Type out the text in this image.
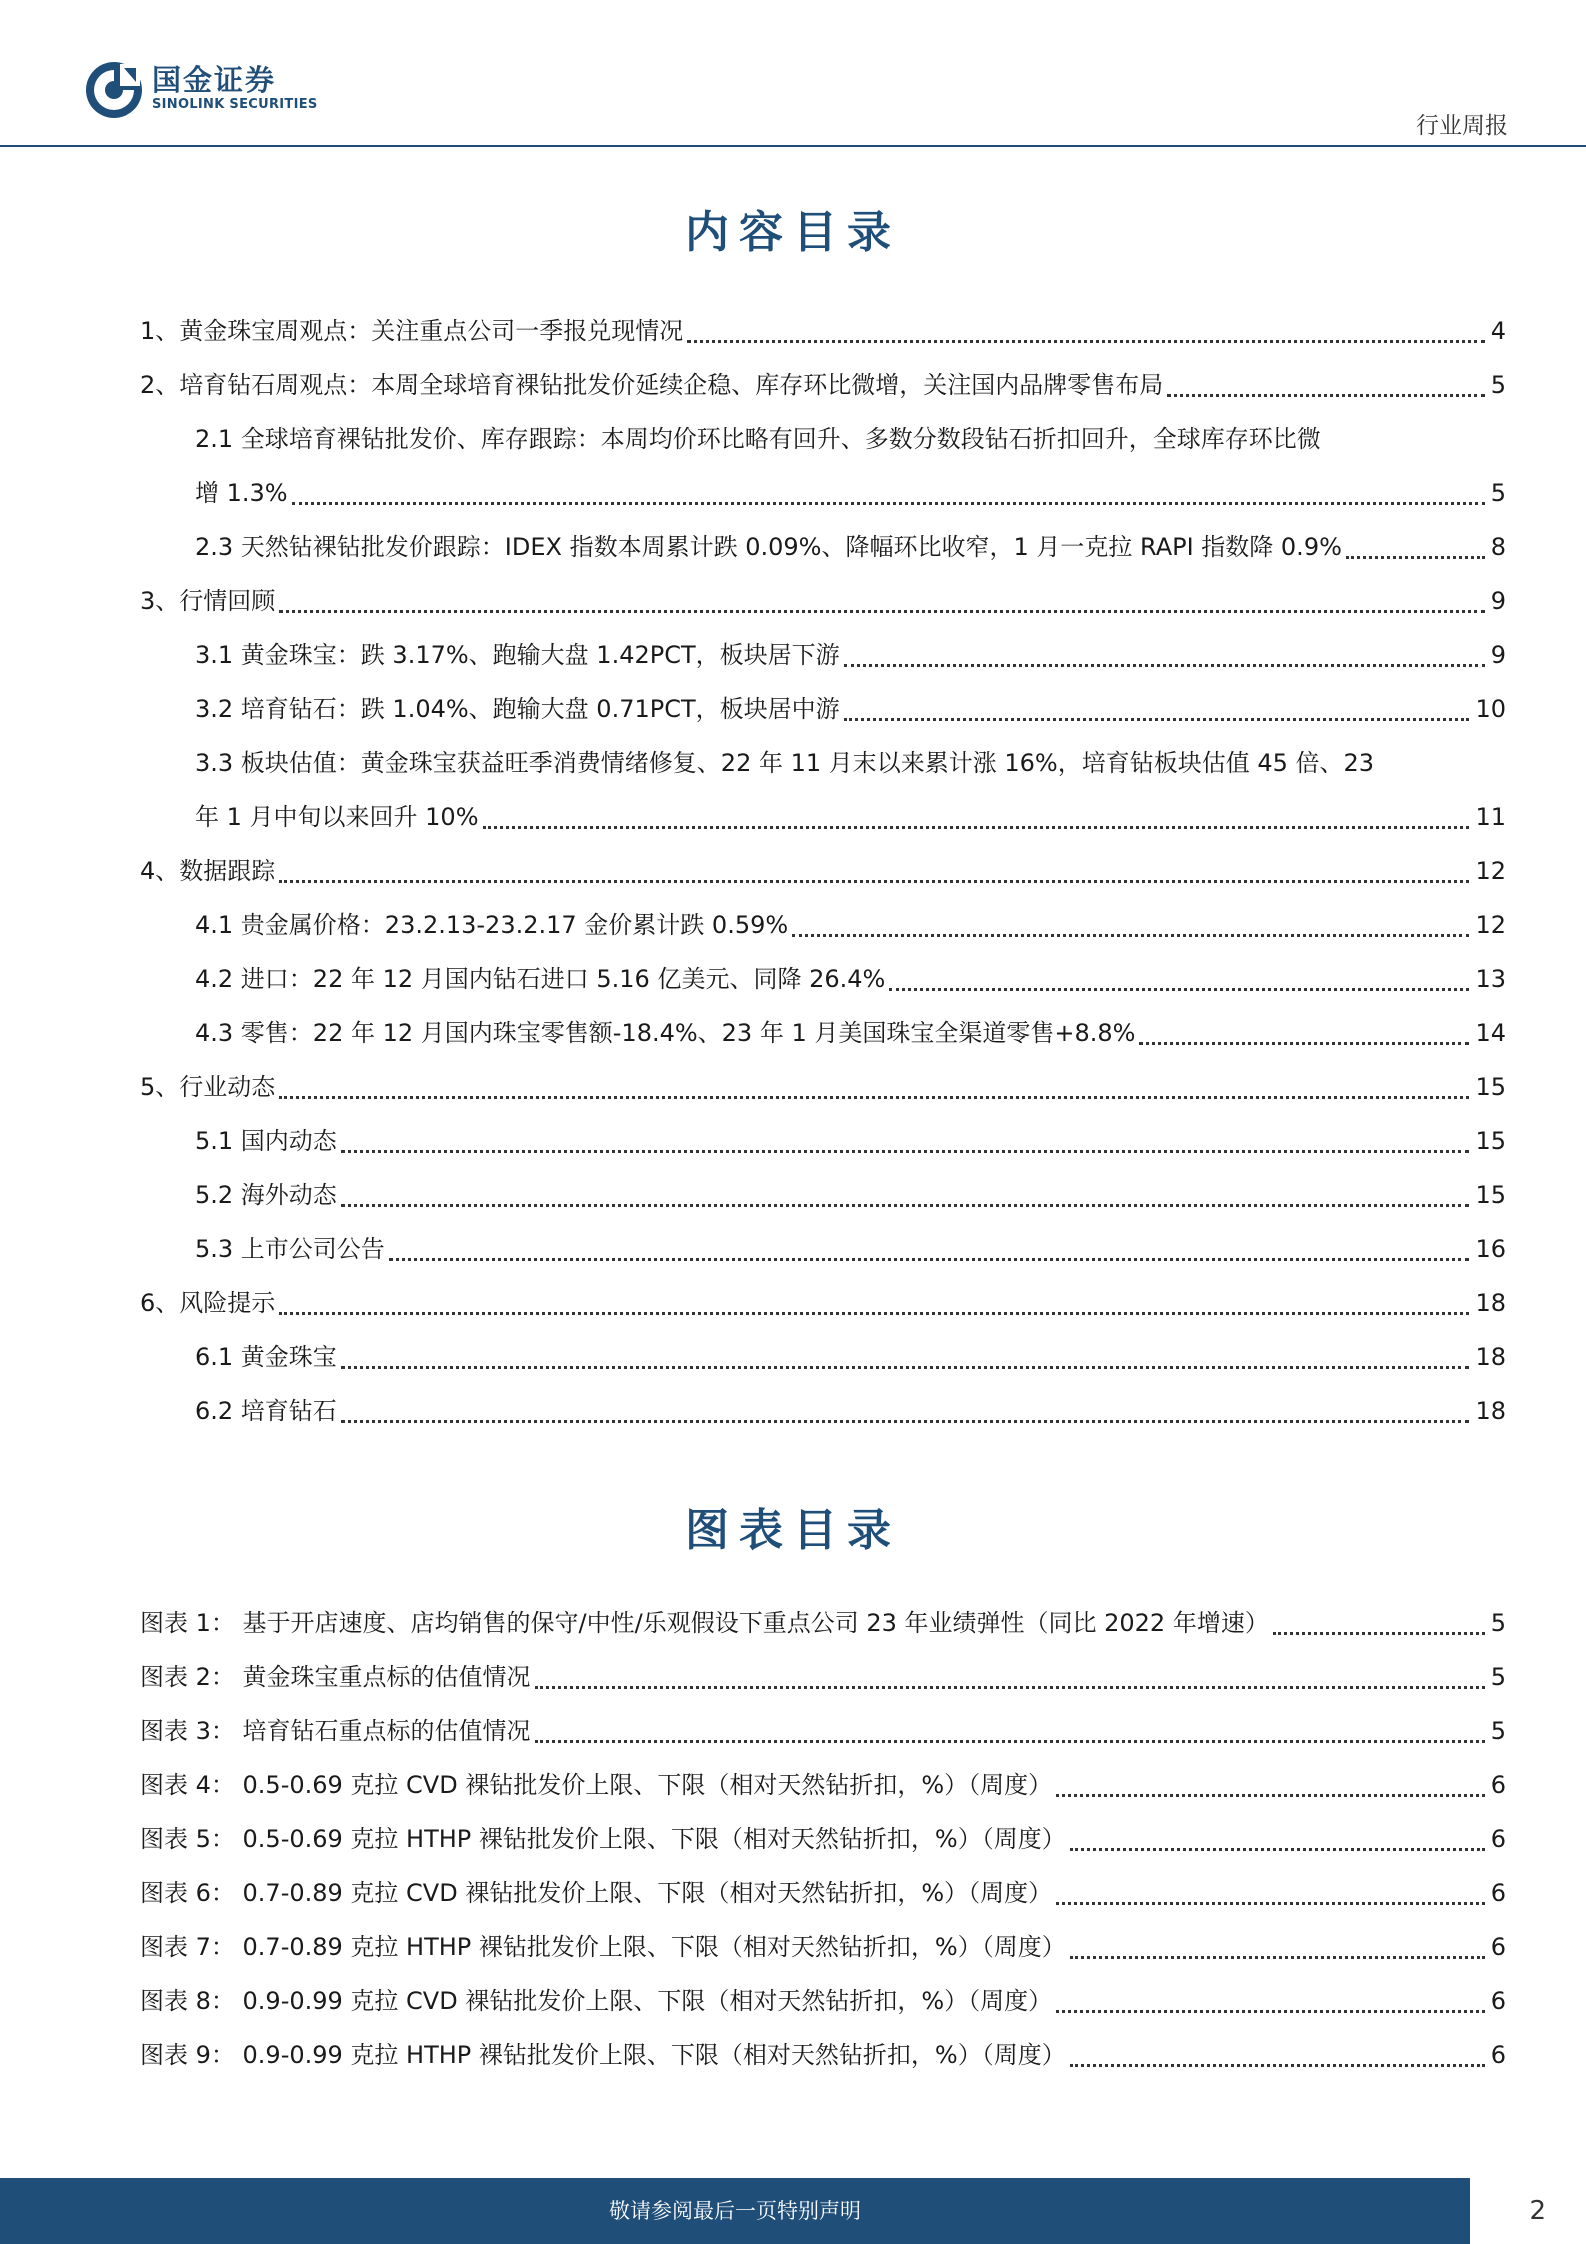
国金证券
SINOLINK SECURITIES
行业周报
内容目录
1、黄金珠宝周观点：关注重点公司一季报兑现情况	4
2、培育钻石周观点：本周全球培育裸钻批发价延续企稳、库存环比微增，关注国内品牌零售布局	5
2.1 全球培育裸钻批发价、库存跟踪：本周均价环比略有回升、多数分数段钻石折扣回升，全球库存环比微
增 1.3%	5
2.3 天然钻裸钻批发价跟踪：IDEX 指数本周累计跌 0.09%、降幅环比收窄，1 月一克拉 RAPI 指数降 0.9%	8
3、行情回顾	9
3.1 黄金珠宝：跌 3.17%、跑输大盘 1.42PCT，板块居下游	9
3.2 培育钻石：跌 1.04%、跑输大盘 0.71PCT，板块居中游	10
3.3 板块估值：黄金珠宝获益旺季消费情绪修复、22 年 11 月末以来累计涨 16%，培育钻板块估值 45 倍、23
年 1 月中旬以来回升 10%	11
4、数据跟踪	12
4.1 贵金属价格：23.2.13-23.2.17 金价累计跌 0.59%	12
4.2 进口：22 年 12 月国内钻石进口 5.16 亿美元、同降 26.4%	13
4.3 零售：22 年 12 月国内珠宝零售额-18.4%、23 年 1 月美国珠宝全渠道零售+8.8%	14
5、行业动态	15
5.1 国内动态	15
5.2 海外动态	15
5.3 上市公司公告	16
6、风险提示	18
6.1 黄金珠宝	18
6.2 培育钻石	18
图表目录
图表 1： 基于开店速度、店均销售的保守/中性/乐观假设下重点公司 23 年业绩弹性（同比 2022 年增速）	5
图表 2： 黄金珠宝重点标的估值情况	5
图表 3： 培育钻石重点标的估值情况	5
图表 4： 0.5-0.69 克拉 CVD 裸钻批发价上限、下限（相对天然钻折扣，%）（周度）	6
图表 5： 0.5-0.69 克拉 HTHP 裸钻批发价上限、下限（相对天然钻折扣，%）（周度）	6
图表 6： 0.7-0.89 克拉 CVD 裸钻批发价上限、下限（相对天然钻折扣，%）（周度）	6
图表 7： 0.7-0.89 克拉 HTHP 裸钻批发价上限、下限（相对天然钻折扣，%）（周度）	6
图表 8： 0.9-0.99 克拉 CVD 裸钻批发价上限、下限（相对天然钻折扣，%）（周度）	6
图表 9： 0.9-0.99 克拉 HTHP 裸钻批发价上限、下限（相对天然钻折扣，%）（周度）	6
敬请参阅最后一页特别声明	2
